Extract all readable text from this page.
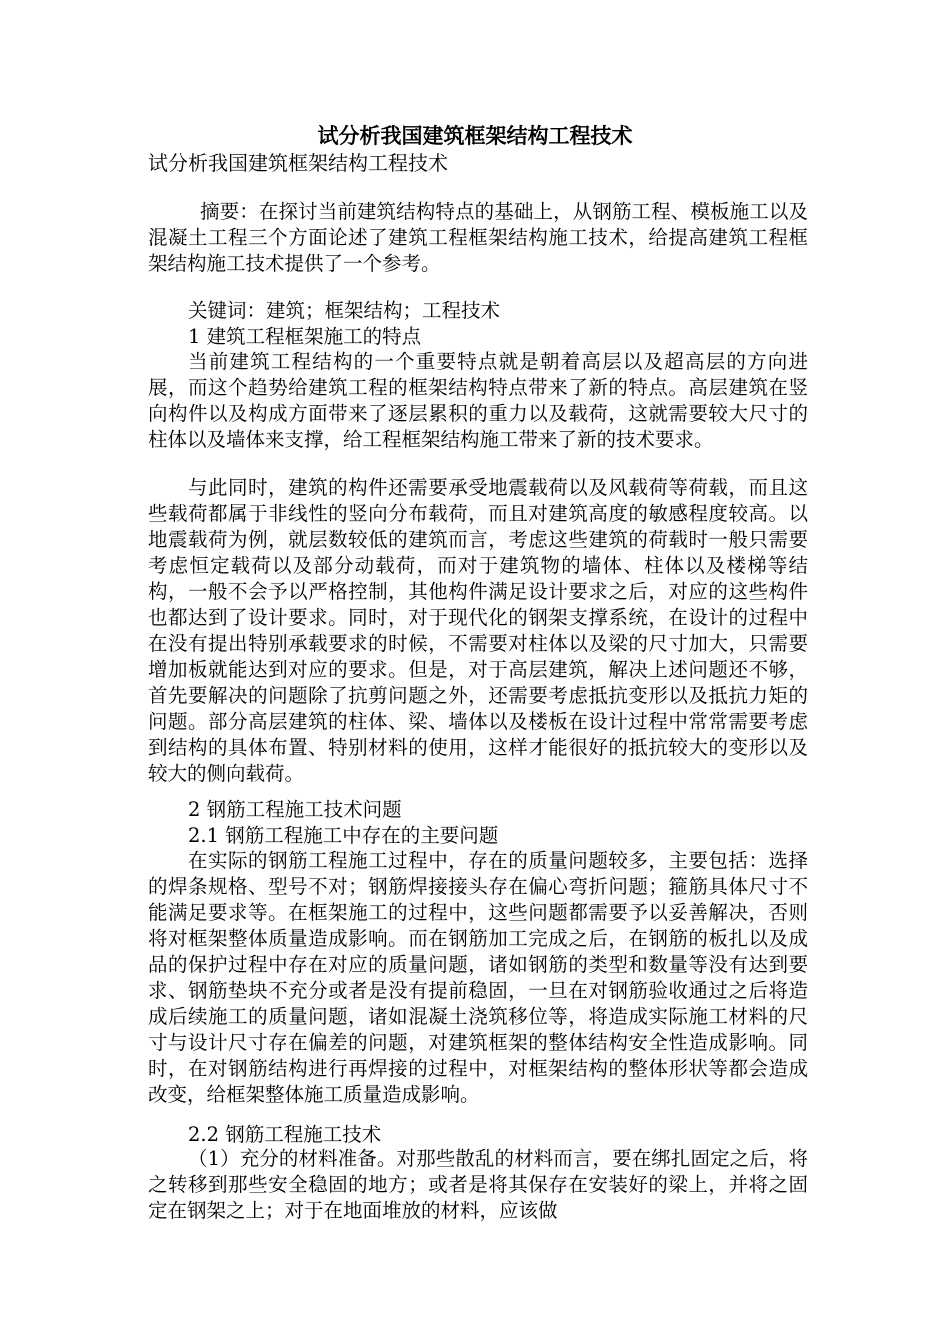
试分析我国建筑框架结构工程技术
试分析我国建筑框架结构工程技术
摘要：在探讨当前建筑结构特点的基础上，从钢筋工程、模板施工以及混凝土工程三个方面论述了建筑工程框架结构施工技术，给提高建筑工程框架结构施工技术提供了一个参考。
关键词：建筑；框架结构；工程技术
1 建筑工程框架施工的特点
当前建筑工程结构的一个重要特点就是朝着高层以及超高层的方向进展，而这个趋势给建筑工程的框架结构特点带来了新的特点。高层建筑在竖向构件以及构成方面带来了逐层累积的重力以及载荷，这就需要较大尺寸的柱体以及墙体来支撑，给工程框架结构施工带来了新的技术要求。
与此同时，建筑的构件还需要承受地震载荷以及风载荷等荷载，而且这些载荷都属于非线性的竖向分布载荷，而且对建筑高度的敏感程度较高。以地震载荷为例，就层数较低的建筑而言，考虑这些建筑的荷载时一般只需要考虑恒定载荷以及部分动载荷，而对于建筑物的墙体、柱体以及楼梯等结构，一般不会予以严格控制，其他构件满足设计要求之后，对应的这些构件也都达到了设计要求。同时，对于现代化的钢架支撑系统，在设计的过程中在没有提出特别承载要求的时候，不需要对柱体以及梁的尺寸加大，只需要增加板就能达到对应的要求。但是，对于高层建筑，解决上述问题还不够，首先要解决的问题除了抗剪问题之外，还需要考虑抵抗变形以及抵抗力矩的问题。部分高层建筑的柱体、梁、墙体以及楼板在设计过程中常常需要考虑到结构的具体布置、特别材料的使用，这样才能很好的抵抗较大的变形以及较大的侧向载荷。
2 钢筋工程施工技术问题
2.1 钢筋工程施工中存在的主要问题
在实际的钢筋工程施工过程中，存在的质量问题较多，主要包括：选择的焊条规格、型号不对；钢筋焊接接头存在偏心弯折问题；箍筋具体尺寸不能满足要求等。在框架施工的过程中，这些问题都需要予以妥善解决，否则将对框架整体质量造成影响。而在钢筋加工完成之后，在钢筋的板扎以及成品的保护过程中存在对应的质量问题，诸如钢筋的类型和数量等没有达到要求、钢筋垫块不充分或者是没有提前稳固，一旦在对钢筋验收通过之后将造成后续施工的质量问题，诸如混凝土浇筑移位等，将造成实际施工材料的尺寸与设计尺寸存在偏差的问题，对建筑框架的整体结构安全性造成影响。同时，在对钢筋结构进行再焊接的过程中，对框架结构的整体形状等都会造成改变，给框架整体施工质量造成影响。
2.2 钢筋工程施工技术
（1）充分的材料准备。对那些散乱的材料而言，要在绑扎固定之后，将之转移到那些安全稳固的地方；或者是将其保存在安装好的梁上，并将之固定在钢架之上；对于在地面堆放的材料，应该做
